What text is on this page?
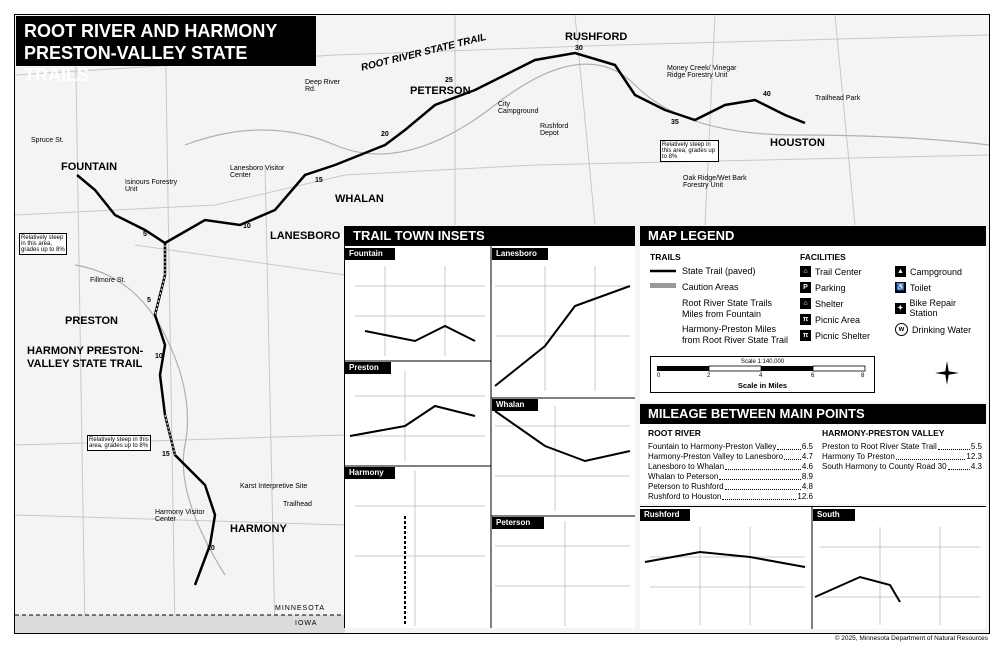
FOUNTAIN
PRESTON
LANESBORO
WHALAN
PETERSON
RUSHFORD
HOUSTON
HARMONY
ROOT RIVER STATE TRAIL
HARMONY PRESTON-
VALLEY STATE TRAIL
Spruce St.
Isinours Forestry Unit
Fillmore St.
Lanesboro Visitor Center
Deep River Rd.
City Campground
Rushford Depot
Money Creek/ Vinegar Ridge Forestry Unit
Trailhead Park
Oak Ridge/Wet Bark Forestry Unit
Karst Interpretive Site
Trailhead
Harmony Visitor Center
Relatively steep in this area, grades up to 8%
Relatively steep in this area, grades up to 8%
Relatively steep in this area, grades up to 8%
5
10
15
20
25
30
35
40
5
10
15
20
MINNESOTA
IOWA
ROOT RIVER AND HARMONY
PRESTON-VALLEY STATE TRAILS
TRAIL TOWN INSETS
Fountain	Lanesboro
Preston
Whalan
Harmony
Peterson
MAP LEGEND
TRAILS	FACILITIES
State Trail (paved)
Caution Areas
Root River State Trails Miles from Fountain
Harmony-Preston Miles from Root River State Trail
⌂ Trail Center
P Parking
⌂ Shelter
π Picnic Area
π Picnic Shelter
▲ Campground
♿ Toilet
✦ Bike Repair Station
w Drinking Water
Scale 1:140,000
0	2	4	6	8
Scale in Miles
MILEAGE BETWEEN MAIN POINTS
ROOT RIVER	HARMONY-PRESTON VALLEY
Fountain to Harmony-Preston Valley	6.5
Harmony-Preston Valley to Lanesboro 4.7
Lanesboro to Whalan	4.6
Whalan to Peterson	8.9
Peterson to Rushford	4.8
Rushford to Houston	12.6
Preston to Root River State Trail	5.5
Harmony To Preston	12.3
South Harmony to County Road 30	4.3
Rushford	South
© 2025, Minnesota Department of Natural Resources
